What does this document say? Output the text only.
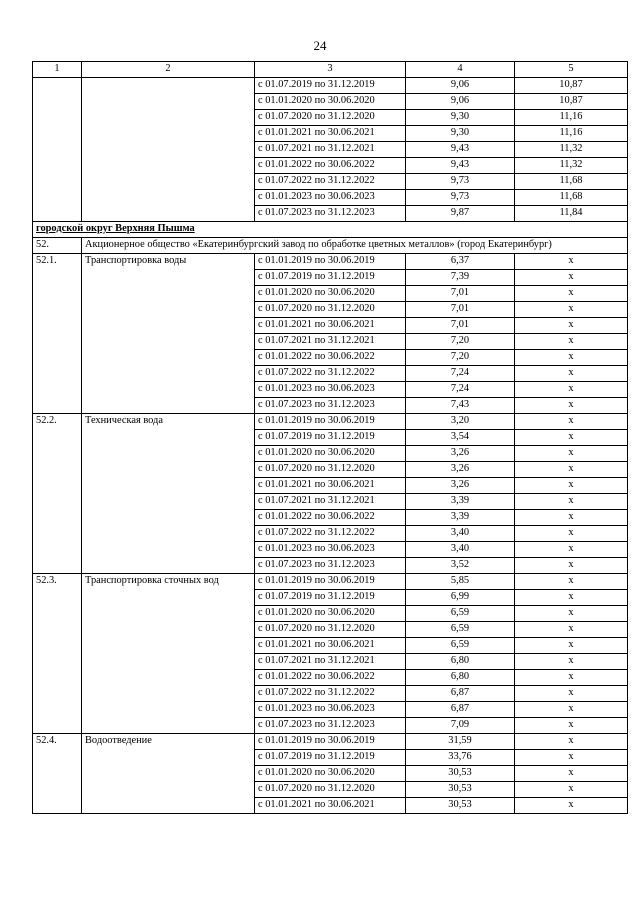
24
1	2	3	4	5
		с 01.07.2019 по 31.12.2019	9,06	10,87
		с 01.01.2020 по 30.06.2020	9,06	10,87
		с 01.07.2020 по 31.12.2020	9,30	11,16
		с 01.01.2021 по 30.06.2021	9,30	11,16
		с 01.07.2021 по 31.12.2021	9,43	11,32
		с 01.01.2022 по 30.06.2022	9,43	11,32
		с 01.07.2022 по 31.12.2022	9,73	11,68
		с 01.01.2023 по 30.06.2023	9,73	11,68
		с 01.07.2023 по 31.12.2023	9,87	11,84
городской округ Верхняя Пышма				
52.	Акционерное общество «Екатеринбургский завод по обработке цветных металлов» (город Екатеринбург)			
52.1.	Транспортировка воды	с 01.01.2019 по 30.06.2019	6,37	х
		с 01.07.2019 по 31.12.2019	7,39	х
		с 01.01.2020 по 30.06.2020	7,01	х
		с 01.07.2020 по 31.12.2020	7,01	х
		с 01.01.2021 по 30.06.2021	7,01	х
		с 01.07.2021 по 31.12.2021	7,20	х
		с 01.01.2022 по 30.06.2022	7,20	х
		с 01.07.2022 по 31.12.2022	7,24	х
		с 01.01.2023 по 30.06.2023	7,24	х
		с 01.07.2023 по 31.12.2023	7,43	х
52.2.	Техническая вода	с 01.01.2019 по 30.06.2019	3,20	х
		с 01.07.2019 по 31.12.2019	3,54	х
		с 01.01.2020 по 30.06.2020	3,26	х
		с 01.07.2020 по 31.12.2020	3,26	х
		с 01.01.2021 по 30.06.2021	3,26	х
		с 01.07.2021 по 31.12.2021	3,39	х
		с 01.01.2022 по 30.06.2022	3,39	х
		с 01.07.2022 по 31.12.2022	3,40	х
		с 01.01.2023 по 30.06.2023	3,40	х
		с 01.07.2023 по 31.12.2023	3,52	х
52.3.	Транспортировка сточных вод	с 01.01.2019 по 30.06.2019	5,85	х
		с 01.07.2019 по 31.12.2019	6,99	х
		с 01.01.2020 по 30.06.2020	6,59	х
		с 01.07.2020 по 31.12.2020	6,59	х
		с 01.01.2021 по 30.06.2021	6,59	х
		с 01.07.2021 по 31.12.2021	6,80	х
		с 01.01.2022 по 30.06.2022	6,80	х
		с 01.07.2022 по 31.12.2022	6,87	х
		с 01.01.2023 по 30.06.2023	6,87	х
		с 01.07.2023 по 31.12.2023	7,09	х
52.4.	Водоотведение	с 01.01.2019 по 30.06.2019	31,59	х
		с 01.07.2019 по 31.12.2019	33,76	х
		с 01.01.2020 по 30.06.2020	30,53	х
		с 01.07.2020 по 31.12.2020	30,53	х
		с 01.01.2021 по 30.06.2021	30,53	х
